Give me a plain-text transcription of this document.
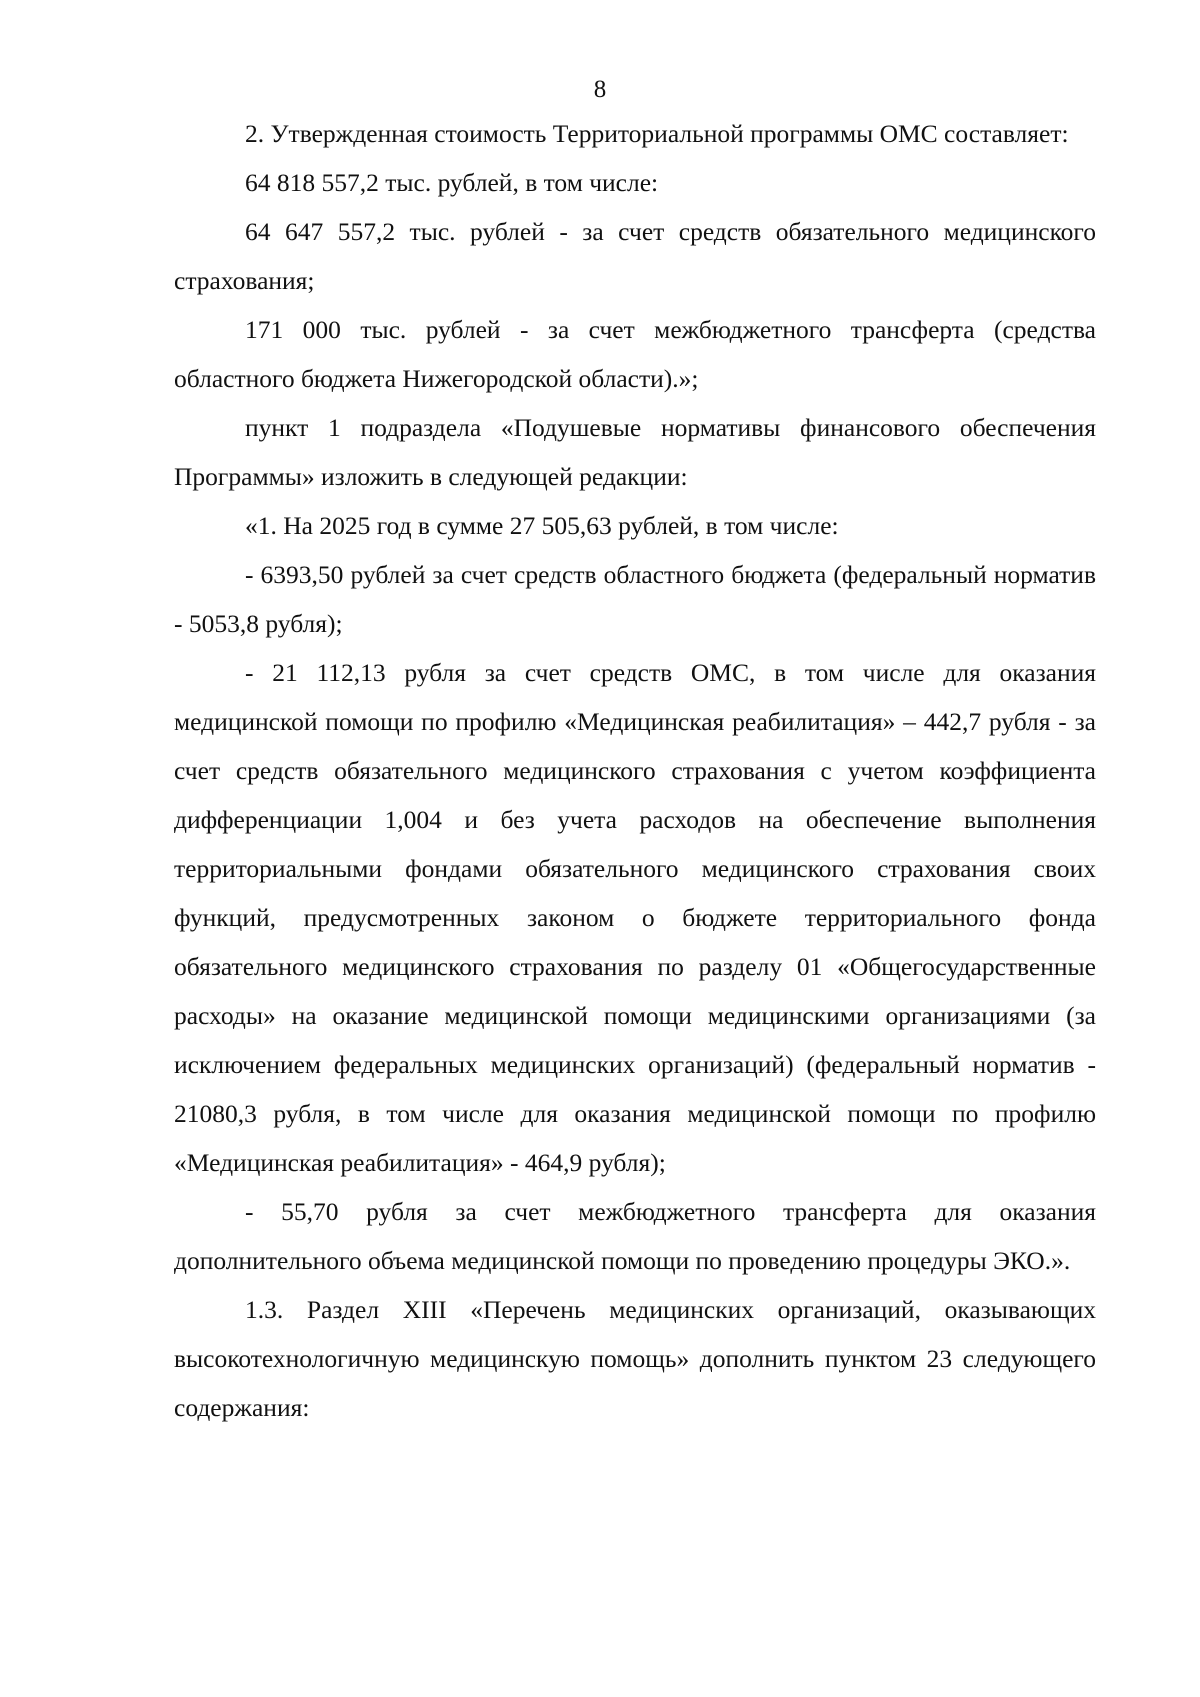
8

2. Утвержденная стоимость Территориальной программы ОМС составляет:

64 818 557,2 тыс. рублей, в том числе:

64 647 557,2 тыс. рублей - за счет средств обязательного медицинского страхования;

171 000 тыс. рублей - за счет межбюджетного трансферта (средства областного бюджета Нижегородской области).»;

пункт 1 подраздела «Подушевые нормативы финансового обеспечения Программы» изложить в следующей редакции:

«1. На 2025 год в сумме 27 505,63 рублей, в том числе:

- 6393,50 рублей за счет средств областного бюджета (федеральный норматив - 5053,8 рубля);

- 21 112,13 рубля за счет средств ОМС, в том числе для оказания медицинской помощи по профилю «Медицинская реабилитация» – 442,7 рубля - за счет средств обязательного медицинского страхования с учетом коэффициента дифференциации 1,004 и без учета расходов на обеспечение выполнения территориальными фондами обязательного медицинского страхования своих функций, предусмотренных законом о бюджете территориального фонда обязательного медицинского страхования по разделу 01 «Общегосударственные расходы» на оказание медицинской помощи медицинскими организациями (за исключением федеральных медицинских организаций) (федеральный норматив - 21080,3 рубля, в том числе для оказания медицинской помощи по профилю «Медицинская реабилитация» - 464,9 рубля);

- 55,70 рубля за счет межбюджетного трансферта для оказания дополнительного объема медицинской помощи по проведению процедуры ЭКО.».

1.3. Раздел XIII «Перечень медицинских организаций, оказывающих высокотехнологичную медицинскую помощь» дополнить пунктом 23 следующего содержания:
